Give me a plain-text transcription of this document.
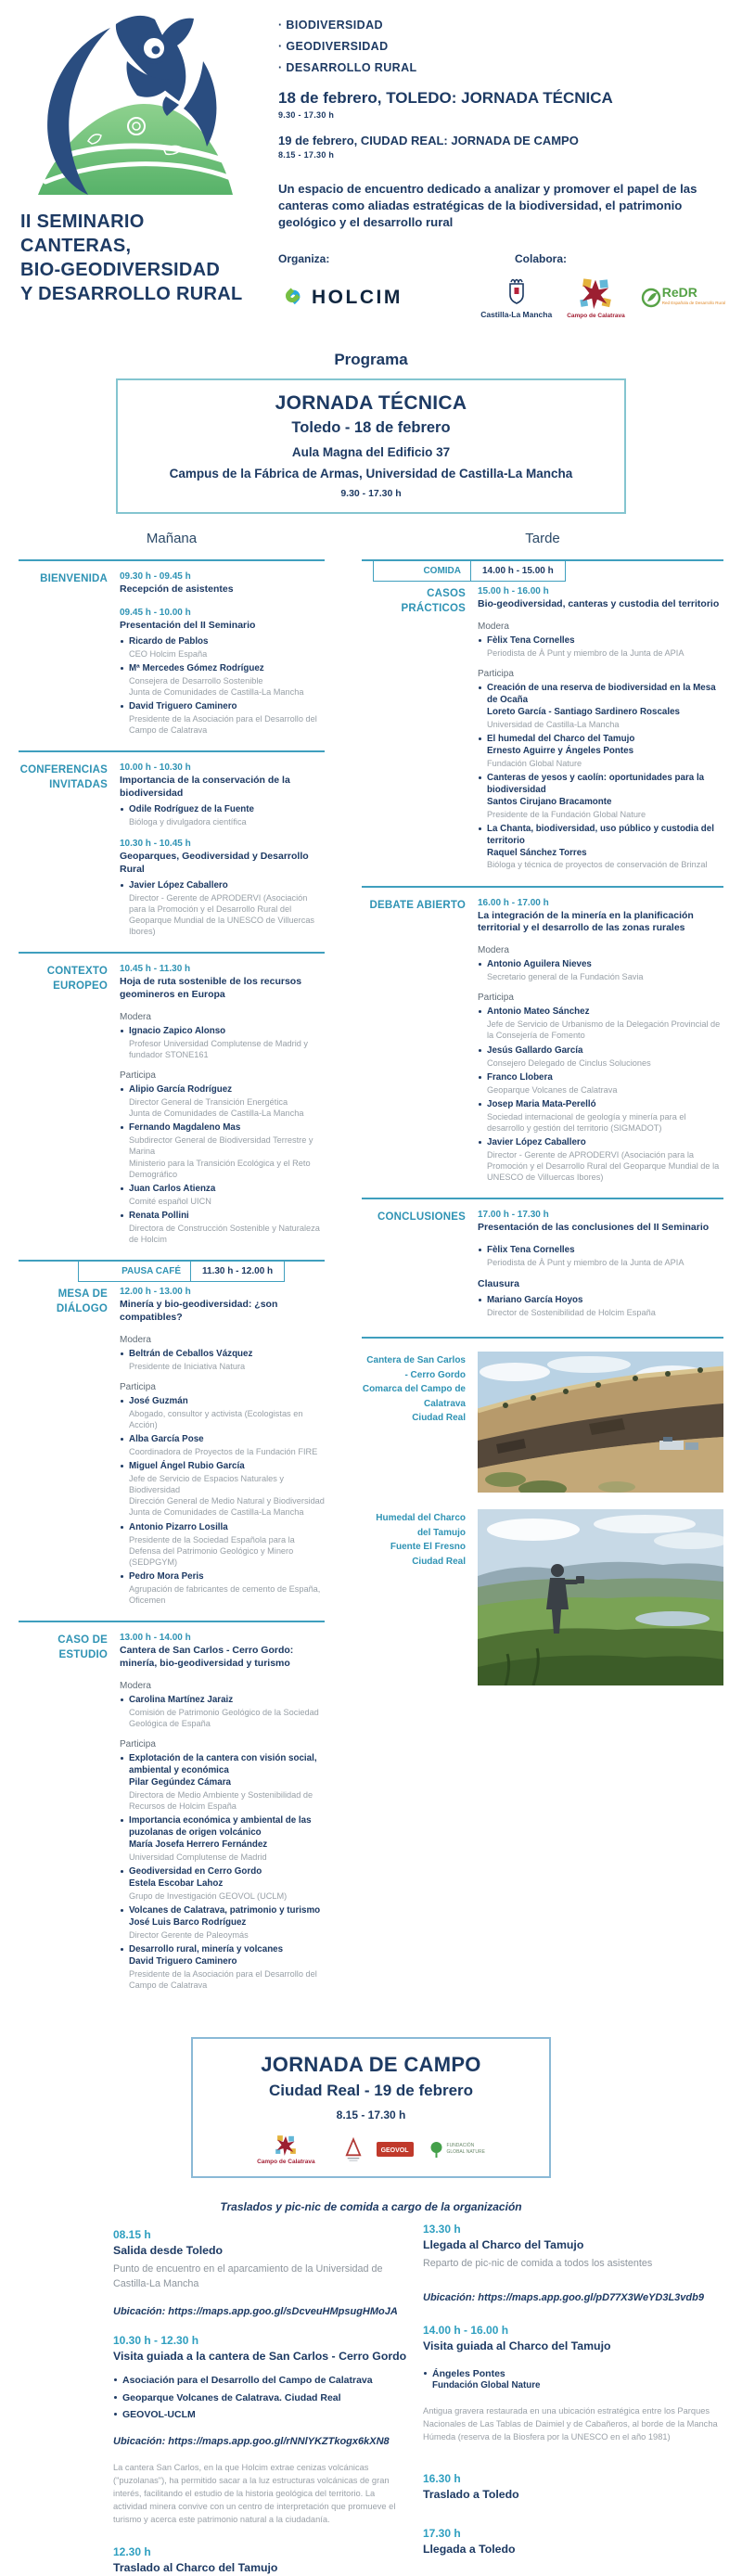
II SEMINARIO
CANTERAS,
BIO-GEODIVERSIDAD
Y DESARROLLO RURAL
· BIODIVERSIDAD
· GEODIVERSIDAD
· DESARROLLO RURAL
18 de febrero, TOLEDO: JORNADA TÉCNICA
9.30 - 17.30 h
19 de febrero, CIUDAD REAL: JORNADA DE CAMPO
8.15 - 17.30 h
Un espacio de encuentro dedicado a analizar y promover el papel de las canteras como aliadas estratégicas de la biodiversidad, el patrimonio geológico y el desarrollo rural
Organiza:	Colabora:
HOLCIM
Castilla-La Mancha Campo de Calatrava
ReDR
Red Española de Desarrollo Rural
Programa
JORNADA TÉCNICA
Toledo - 18 de febrero
Aula Magna del Edificio 37
Campus de la Fábrica de Armas, Universidad de Castilla-La Mancha
9.30 - 17.30 h
Mañana
BIENVENIDA 09.30 h - 09.45 h
Recepción de asistentes
09.45 h - 10.00 h
Presentación del II Seminario
Ricardo de Pablos
CEO Holcim España
Mª Mercedes Gómez Rodríguez
Consejera de Desarrollo Sostenible
Junta de Comunidades de Castilla-La Mancha
David Triguero Caminero
Presidente de la Asociación para el Desarrollo del Campo de Calatrava
CONFERENCIAS INVITADAS
10.00 h - 10.30 h
Importancia de la conservación de la biodiversidad
Odile Rodríguez de la Fuente
Bióloga y divulgadora científica
10.30 h - 10.45 h
Geoparques, Geodiversidad y Desarrollo Rural
Javier López Caballero
Director - Gerente de APRODERVI (Asociación para la Promoción y el Desarrollo Rural del Geoparque Mundial de la UNESCO de Villuercas Ibores)
CONTEXTO EUROPEO
10.45 h - 11.30 h
Hoja de ruta sostenible de los recursos geomineros en Europa
Modera
Ignacio Zapico Alonso
Profesor Universidad Complutense de Madrid y fundador STONE161
Participa
Alipio García Rodríguez
Director General de Transición Energética
Junta de Comunidades de Castilla-La Mancha
Fernando Magdaleno Mas
Subdirector General de Biodiversidad Terrestre y Marina
Ministerio para la Transición Ecológica y el Reto Demográfico
Juan Carlos Atienza
Comité español UICN
Renata Pollini
Directora de Construcción Sostenible y Naturaleza de Holcim
PAUSA CAFÉ	11.30 h - 12.00 h
MESA DE DIÁLOGO
12.00 h - 13.00 h
Minería y bio-geodiversidad: ¿son compatibles?
Modera
Beltrán de Ceballos Vázquez
Presidente de Iniciativa Natura
Participa
José Guzmán
Abogado, consultor y activista (Ecologistas en Acción)
Alba García Pose
Coordinadora de Proyectos de la Fundación FIRE
Miguel Ángel Rubio García
Jefe de Servicio de Espacios Naturales y Biodiversidad
Dirección General de Medio Natural y Biodiversidad
Junta de Comunidades de Castilla-La Mancha
Antonio Pizarro Losilla
Presidente de la Sociedad Española para la Defensa del Patrimonio Geológico y Minero (SEDPGYM)
Pedro Mora Peris
Agrupación de fabricantes de cemento de España, Oficemen
CASO DE ESTUDIO
13.00 h - 14.00 h
Cantera de San Carlos - Cerro Gordo: minería, bio-geodiversidad y turismo
Modera
Carolina Martínez Jaraiz
Comisión de Patrimonio Geológico de la Sociedad Geológica de España
Participa
Explotación de la cantera con visión social, ambiental y económica
Pilar Gegúndez Cámara
Directora de Medio Ambiente y Sostenibilidad de Recursos de Holcim España
Importancia económica y ambiental de las puzolanas de origen volcánico
María Josefa Herrero Fernández
Universidad Complutense de Madrid
Geodiversidad en Cerro Gordo
Estela Escobar Lahoz
Grupo de Investigación GEOVOL (UCLM)
Volcanes de Calatrava, patrimonio y turismo
José Luis Barco Rodríguez
Director Gerente de Paleoymás
Desarrollo rural, minería y volcanes
David Triguero Caminero
Presidente de la Asociación para el Desarrollo del Campo de Calatrava
Tarde
COMIDA	14.00 h - 15.00 h
CASOS PRÁCTICOS
15.00 h - 16.00 h
Bio-geodiversidad, canteras y custodia del territorio
Modera
Fèlix Tena Cornelles
Periodista de À Punt y miembro de la Junta de APIA
Participa
Creación de una reserva de biodiversidad en la Mesa de Ocaña
Loreto García - Santiago Sardinero Roscales
Universidad de Castilla-La Mancha
El humedal del Charco del Tamujo
Ernesto Aguirre y Ángeles Pontes
Fundación Global Nature
Canteras de yesos y caolín: oportunidades para la biodiversidad
Santos Cirujano Bracamonte
Presidente de la Fundación Global Nature
La Chanta, biodiversidad, uso público y custodia del territorio
Raquel Sánchez Torres
Bióloga y técnica de proyectos de conservación de Brinzal
DEBATE ABIERTO 16.00 h - 17.00 h
La integración de la minería en la planificación territorial y el desarrollo de las zonas rurales
Modera
Antonio Aguilera Nieves
Secretario general de la Fundación Savia
Participa
Antonio Mateo Sánchez
Jefe de Servicio de Urbanismo de la Delegación Provincial de la Consejería de Fomento
Jesús Gallardo García
Consejero Delegado de Cinclus Soluciones
Franco Llobera
Geoparque Volcanes de Calatrava
Josep Maria Mata-Perelló
Sociedad internacional de geología y minería para el desarrollo y gestión del territorio (SIGMADOT)
Javier López Caballero
Director - Gerente de APRODERVI (Asociación para la Promoción y el Desarrollo Rural del Geoparque Mundial de la UNESCO de Villuercas Ibores)
CONCLUSIONES 17.00 h - 17.30 h
Presentación de las conclusiones del II Seminario
Fèlix Tena Cornelles
Periodista de À Punt y miembro de la Junta de APIA
Clausura
Mariano García Hoyos
Director de Sostenibilidad de Holcim España
Cantera de San Carlos - Cerro Gordo
Comarca del Campo de Calatrava
Ciudad Real
Humedal del Charco del Tamujo
Fuente El Fresno
Ciudad Real
JORNADA DE CAMPO
Ciudad Real - 19 de febrero
8.15 - 17.30 h
Campo de Calatrava
GEOVOL
FUNDACIÓN
GLOBAL NATURE
Traslados y pic-nic de comida a cargo de la organización
08.15 h
Salida desde Toledo
Punto de encuentro en el aparcamiento de la Universidad de Castilla-La Mancha
Ubicación: https://maps.app.goo.gl/sDcveuHMpsugHMoJA
10.30 h - 12.30 h
Visita guiada a la cantera de San Carlos - Cerro Gordo
Asociación para el Desarrollo del Campo de Calatrava
Geoparque Volcanes de Calatrava. Ciudad Real
GEOVOL-UCLM
Ubicación: https://maps.app.goo.gl/rNNlYKZTkogx6kXN8
La cantera San Carlos, en la que Holcim extrae cenizas volcánicas ("puzolanas"), ha permitido sacar a la luz estructuras volcánicas de gran interés, facilitando el estudio de la historia geológica del territorio. La actividad minera convive con un centro de interpretación que promueve el turismo y acerca este patrimonio natural a la ciudadanía.
12.30 h
Traslado al Charco del Tamujo
13.30 h
Llegada al Charco del Tamujo
Reparto de pic-nic de comida a todos los asistentes
Ubicación: https://maps.app.goo.gl/pD77X3WeYD3L3vdb9
14.00 h - 16.00 h
Visita guiada al Charco del Tamujo
Ángeles Pontes
Fundación Global Nature
Antigua gravera restaurada en una ubicación estratégica entre los Parques Nacionales de Las Tablas de Daimiel y de Cabañeros, al borde de la Mancha Húmeda (reserva de la Biosfera por la UNESCO en el año 1981)
16.30 h
Traslado a Toledo
17.30 h
Llegada a Toledo
